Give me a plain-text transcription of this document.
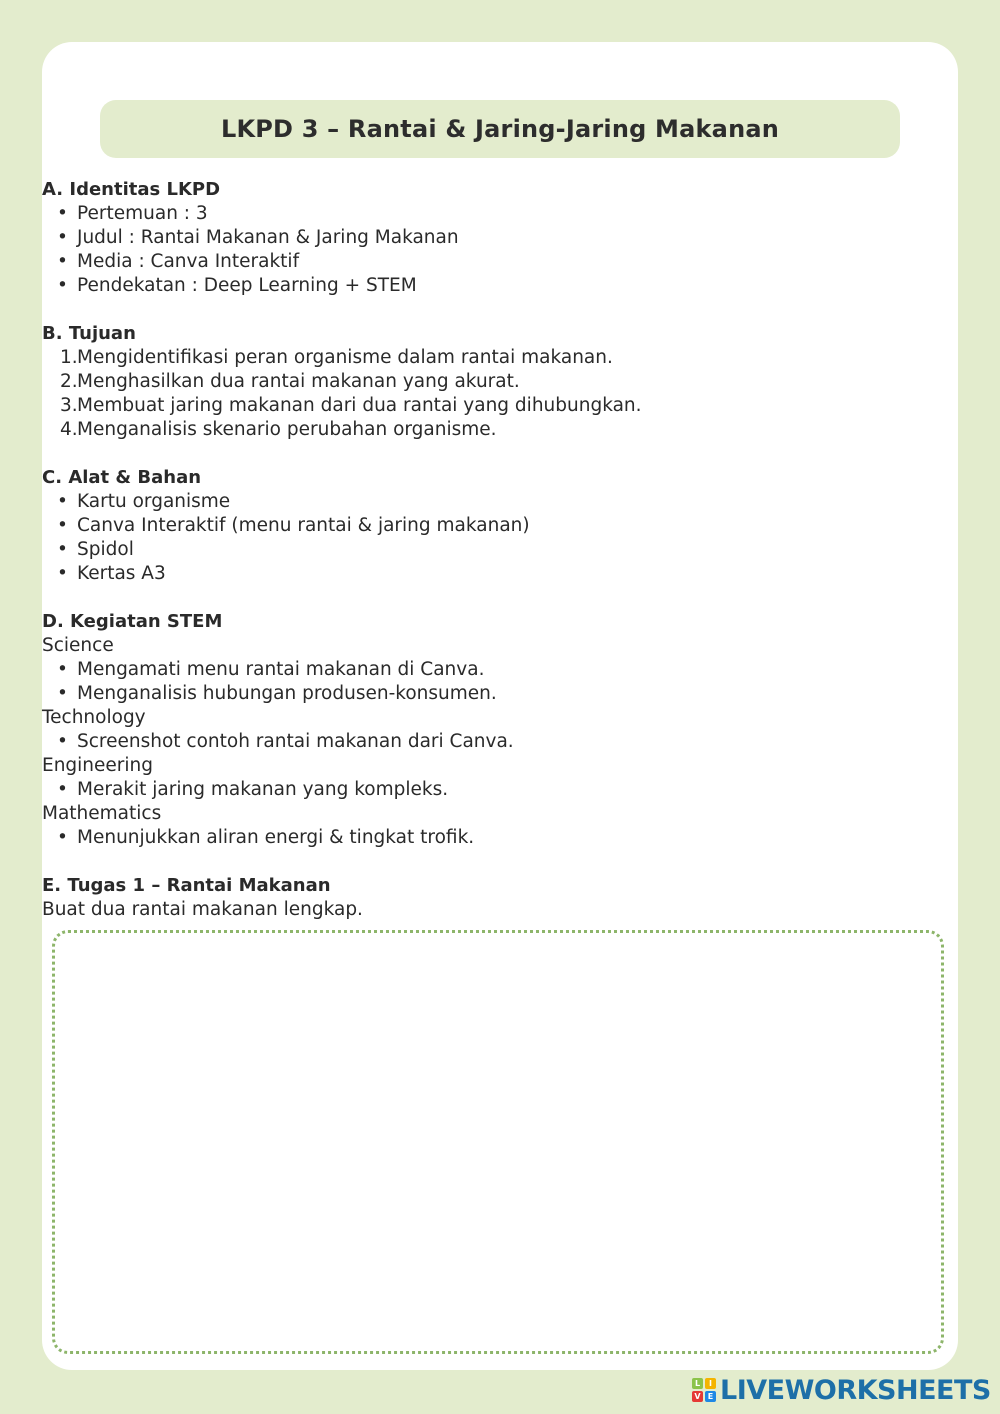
LKPD 3 – Rantai & Jaring-Jaring Makanan

A. Identitas LKPD

• Pertemuan : 3
• Judul : Rantai Makanan & Jaring Makanan
• Media : Canva Interaktif
• Pendekatan : Deep Learning + STEM

B. Tujuan

1. Mengidentifikasi peran organisme dalam rantai makanan.
2. Menghasilkan dua rantai makanan yang akurat.
3. Membuat jaring makanan dari dua rantai yang dihubungkan.
4. Menganalisis skenario perubahan organisme.

C. Alat & Bahan

• Kartu organisme
• Canva Interaktif (menu rantai & jaring makanan)
• Spidol
• Kertas A3

D. Kegiatan STEM

Science

• Mengamati menu rantai makanan di Canva.
• Menganalisis hubungan produsen-konsumen.

Technology

• Screenshot contoh rantai makanan dari Canva.

Engineering

• Merakit jaring makanan yang kompleks.

Mathematics

• Menunjukkan aliran energi & tingkat trofik.

E. Tugas 1 – Rantai Makanan

Buat dua rantai makanan lengkap.

L	I
V E LIVEWORKSHEETS
